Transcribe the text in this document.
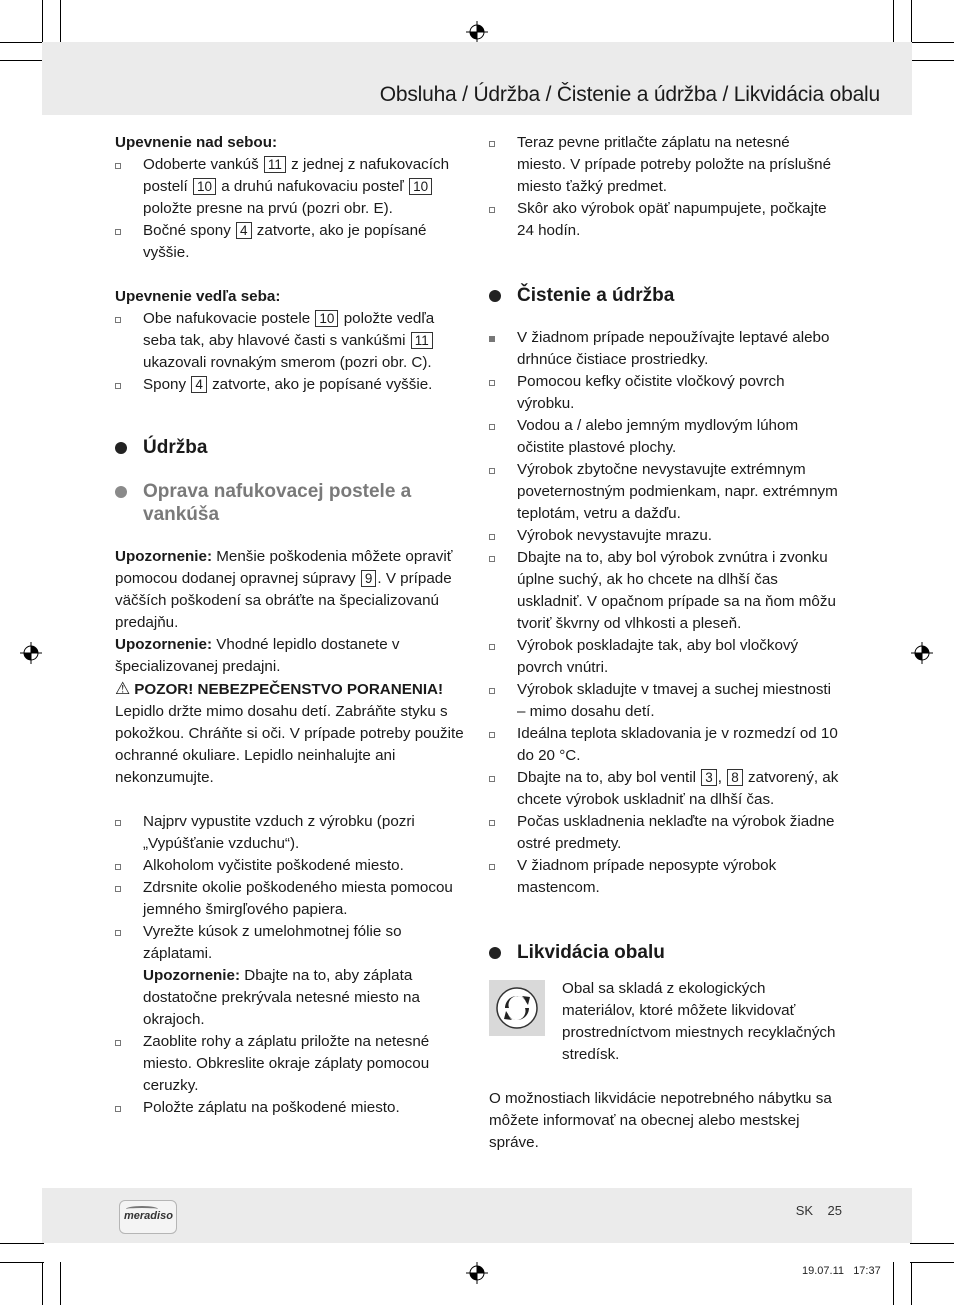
Obsluha / Údržba / Čistenie a údržba / Likvidácia obalu
Upevnenie nad sebou:
Odoberte vankúš 11 z jednej z nafukovacích postelí 10 a druhú nafukovaciu posteľ 10 položte presne na prvú (pozri obr. E).
Bočné spony 4 zatvorte, ako je popísané vyššie.
Upevnenie vedľa seba:
Obe nafukovacie postele 10 položte vedľa seba tak, aby hlavové časti s vankúšmi 11 ukazovali rovnakým smerom (pozri obr. C).
Spony 4 zatvorte, ako je popísané vyššie.
Údržba
Oprava nafukovacej postele a vankúša
Upozornenie: Menšie poškodenia môžete opraviť pomocou dodanej opravnej súpravy 9 . V prípade väčších poškodení sa obráťte na špecializovanú predajňu.
Upozornenie: Vhodné lepidlo dostanete v špecializovanej predajni.
⚠ POZOR! NEBEZPEČENSTVO PORANENIA! Lepidlo držte mimo dosahu detí. Zabráňte styku s pokožkou. Chráňte si oči. V prípade potreby použite ochranné okuliare. Lepidlo neinhalujte ani nekonzumujte.
Najprv vypustite vzduch z výrobku (pozri „Vypúšťanie vzduchu“).
Alkoholom vyčistite poškodené miesto.
Zdrsnite okolie poškodeného miesta pomocou jemného šmirgľového papiera.
Vyrežte kúsok z umelohmotnej fólie so záplatami.
Upozornenie: Dbajte na to, aby záplata dostatočne prekrývala netesné miesto na okrajoch.
Zaoblite rohy a záplatu priložte na netesné miesto. Obkreslite okraje záplaty pomocou ceruzky.
Položte záplatu na poškodené miesto.
Teraz pevne pritlačte záplatu na netesné miesto. V prípade potreby položte na príslušné miesto ťažký predmet.
Skôr ako výrobok opäť napumpujete, počkajte 24 hodín.
Čistenie a údržba
V žiadnom prípade nepoužívajte leptavé alebo drhnúce čistiace prostriedky.
Pomocou kefky očistite vločkový povrch výrobku.
Vodou a / alebo jemným mydlovým lúhom očistite plastové plochy.
Výrobok zbytočne nevystavujte extrémnym poveternostným podmienkam, napr. extrémnym teplotám, vetru a dažďu.
Výrobok nevystavujte mrazu.
Dbajte na to, aby bol výrobok zvnútra i zvonku úplne suchý, ak ho chcete na dlhší čas uskladniť. V opačnom prípade sa na ňom môžu tvoriť škvrny od vlhkosti a pleseň.
Výrobok poskladajte tak, aby bol vločkový povrch vnútri.
Výrobok skladujte v tmavej a suchej miestnosti – mimo dosahu detí.
Ideálna teplota skladovania je v rozmedzí od 10 do 20 °C.
Dbajte na to, aby bol ventil 3 , 8 zatvorený, ak chcete výrobok uskladniť na dlhší čas.
Počas uskladnenia neklaďte na výrobok žiadne ostré predmety.
V žiadnom prípade neposypte výrobok mastencom.
Likvidácia obalu
Obal sa skladá z ekologických materiálov, ktoré môžete likvidovať prostredníctvom miestnych recyklačných stredísk.
O možnostiach likvidácie nepotrebného nábytku sa môžete informovať na obecnej alebo mestskej správe.
meradiso	SK 25
19.07.11 17:37
